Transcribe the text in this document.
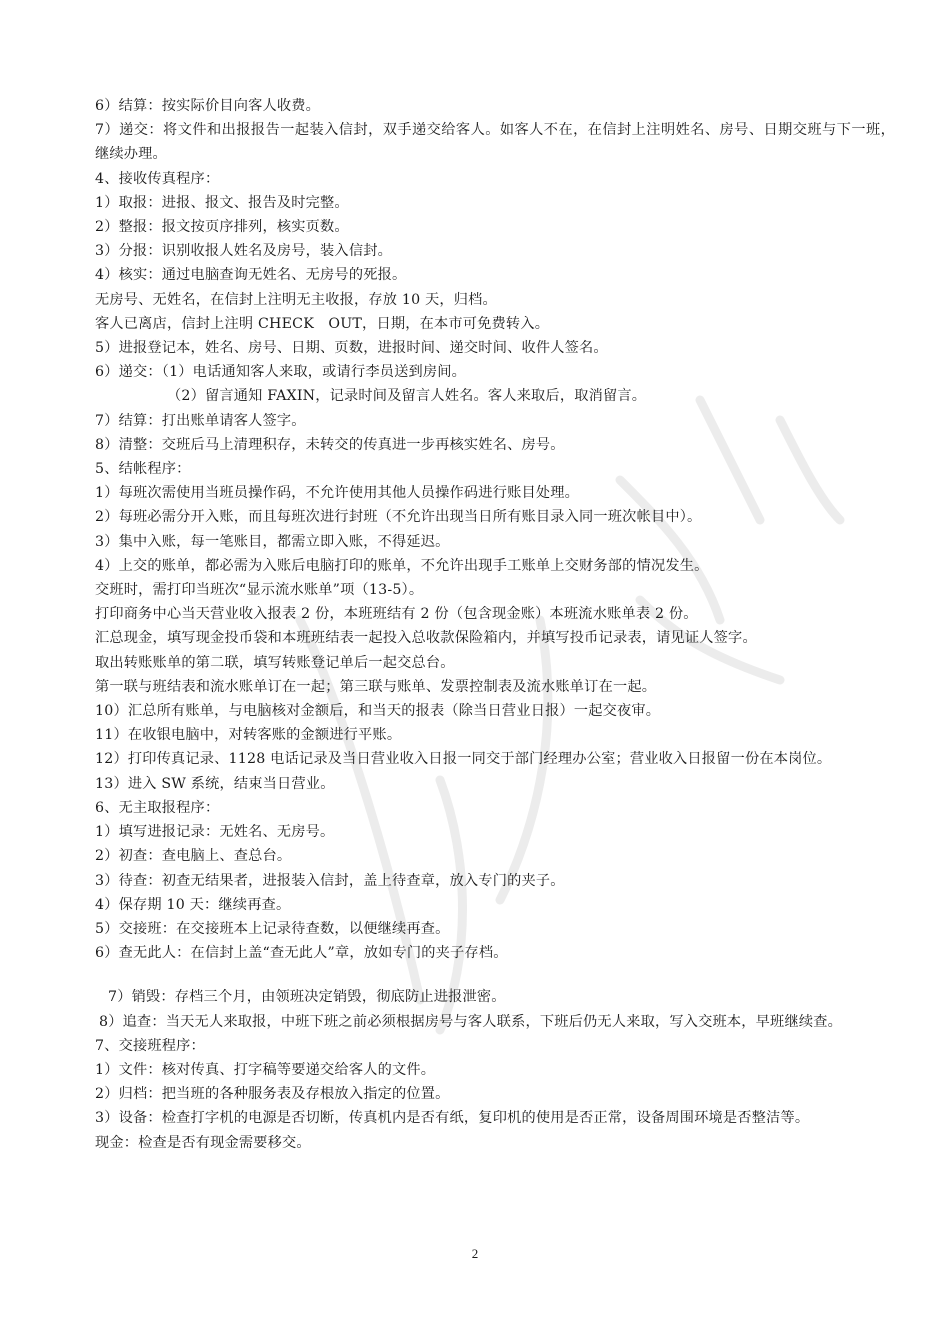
6）结算：按实际价目向客人收费。

7）递交：将文件和出报报告一起装入信封，双手递交给客人。如客人不在，在信封上注明姓名、房号、日期交班与下一班，继续办理。

4、接收传真程序：

1）取报：进报、报文、报告及时完整。

2）整报：报文按页序排列，核实页数。

3）分报：识别收报人姓名及房号，装入信封。

4）核实：通过电脑查询无姓名、无房号的死报。

无房号、无姓名，在信封上注明无主收报，存放 10 天，归档。

客人已离店，信封上注明 CHECK　OUT，日期，在本市可免费转入。

5）进报登记本，姓名、房号、日期、页数，进报时间、递交时间、收件人签名。

6）递交：（1）电话通知客人来取，或请行李员送到房间。

（2）留言通知 FAXIN，记录时间及留言人姓名。客人来取后，取消留言。

7）结算：打出账单请客人签字。

8）清整：交班后马上清理积存，未转交的传真进一步再核实姓名、房号。

5、结帐程序：

1）每班次需使用当班员操作码，不允许使用其他人员操作码进行账目处理。

2）每班必需分开入账，而且每班次进行封班（不允许出现当日所有账目录入同一班次帐目中）。

3）集中入账，每一笔账目，都需立即入账，不得延迟。

4）上交的账单，都必需为入账后电脑打印的账单，不允许出现手工账单上交财务部的情况发生。

交班时，需打印当班次“显示流水账单”项（13-5）。

打印商务中心当天营业收入报表 2 份，本班班结有 2 份（包含现金账）本班流水账单表 2 份。

汇总现金，填写现金投币袋和本班班结表一起投入总收款保险箱内，并填写投币记录表，请见证人签字。

取出转账账单的第二联，填写转账登记单后一起交总台。

第一联与班结表和流水账单订在一起；第三联与账单、发票控制表及流水账单订在一起。

10）汇总所有账单，与电脑核对金额后，和当天的报表（除当日营业日报）一起交夜审。

11）在收银电脑中，对转客账的金额进行平账。

12）打印传真记录、1128 电话记录及当日营业收入日报一同交于部门经理办公室；营业收入日报留一份在本岗位。

13）进入 SW 系统，结束当日营业。

6、无主取报程序：

1）填写进报记录：无姓名、无房号。

2）初查：查电脑上、查总台。

3）待查：初查无结果者，进报装入信封，盖上待查章，放入专门的夹子。

4）保存期 10 天：继续再查。

5）交接班：在交接班本上记录待查数，以便继续再查。

6）查无此人：在信封上盖“查无此人”章，放如专门的夹子存档。

7）销毁：存档三个月，由领班决定销毁，彻底防止进报泄密。

8）追查：当天无人来取报，中班下班之前必须根据房号与客人联系，下班后仍无人来取，写入交班本，早班继续查。

7、交接班程序：

1）文件：核对传真、打字稿等要递交给客人的文件。

2）归档：把当班的各种服务表及存根放入指定的位置。

3）设备：检查打字机的电源是否切断，传真机内是否有纸，复印机的使用是否正常，设备周围环境是否整洁等。

现金：检查是否有现金需要移交。

2
